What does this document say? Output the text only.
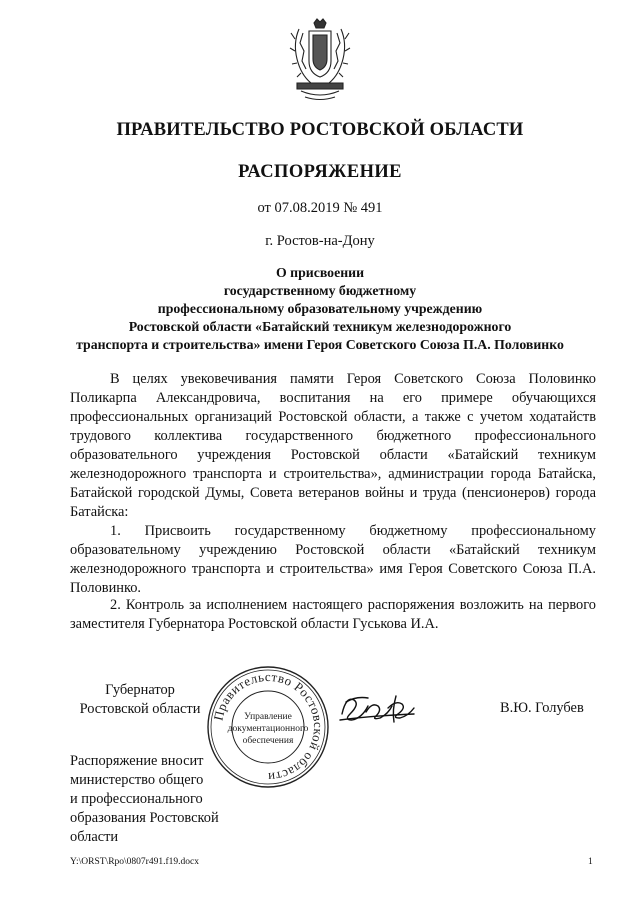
ПРАВИТЕЛЬСТВО РОСТОВСКОЙ ОБЛАСТИ
РАСПОРЯЖЕНИЕ
от 07.08.2019 № 491
г. Ростов-на-Дону
О присвоении
государственному бюджетному
профессиональному образовательному учреждению
Ростовской области «Батайский техникум железнодорожного
транспорта и строительства» имени Героя Советского Союза П.А. Половинко
В целях увековечивания памяти Героя Советского Союза Половинко Поликарпа Александровича, воспитания на его примере обучающихся профессиональных организаций Ростовской области, а также с учетом ходатайств трудового коллектива государственного бюджетного профессионального образовательного учреждения Ростовской области «Батайский техникум железнодорожного транспорта и строительства», администрации города Батайска, Батайской городской Думы, Совета ветеранов войны и труда (пенсионеров) города Батайска:
1. Присвоить государственному бюджетному профессиональному образовательному учреждению Ростовской области «Батайский техникум железнодорожного транспорта и строительства» имя Героя Советского Союза П.А. Половинко.
2. Контроль за исполнением настоящего распоряжения возложить на первого заместителя Губернатора Ростовской области Гуськова И.А.
Губернатор
Ростовской области Правительство Ростовской области
Управление
документационного
обеспечения
В.Ю. Голубев
Распоряжение вносит
министерство общего
и профессионального
образования Ростовской
области
Y:\ORST\Rpo\0807r491.f19.docx	1
